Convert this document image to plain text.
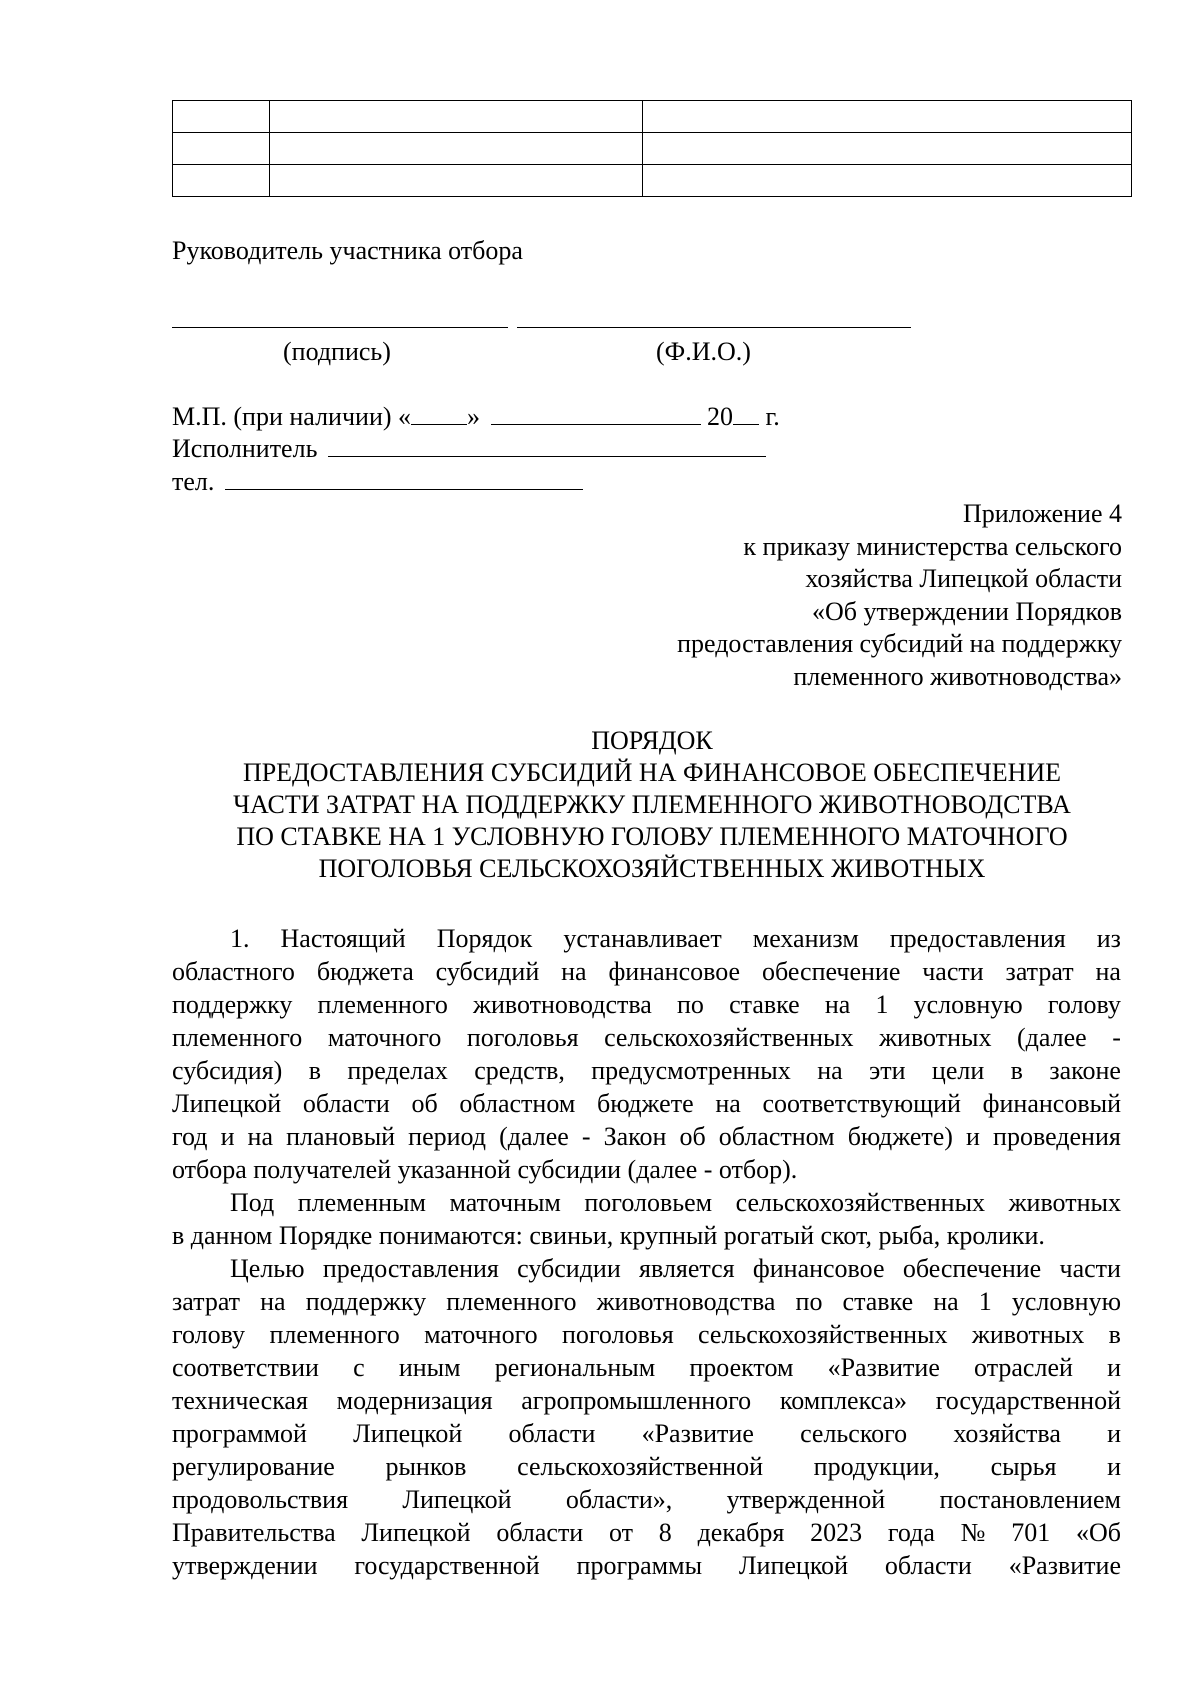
Руководитель участника отбора
(подпись)	(Ф.И.О.)
М.П. (при наличии) « »	20 г.
Исполнитель
тел.
Приложение 4
к приказу министерства сельского
хозяйства Липецкой области
«Об утверждении Порядков
предоставления субсидий на поддержку
племенного животноводства»
ПОРЯДОК
ПРЕДОСТАВЛЕНИЯ СУБСИДИЙ НА ФИНАНСОВОЕ ОБЕСПЕЧЕНИЕ
ЧАСТИ ЗАТРАТ НА ПОДДЕРЖКУ ПЛЕМЕННОГО ЖИВОТНОВОДСТВА
ПО СТАВКЕ НА 1 УСЛОВНУЮ ГОЛОВУ ПЛЕМЕННОГО МАТОЧНОГО
ПОГОЛОВЬЯ СЕЛЬСКОХОЗЯЙСТВЕННЫХ ЖИВОТНЫХ
1. Настоящий Порядок устанавливает механизм предоставления из
областного бюджета субсидий на финансовое обеспечение части затрат на
поддержку племенного животноводства по ставке на 1 условную голову
племенного маточного поголовья сельскохозяйственных животных (далее -
субсидия) в пределах средств, предусмотренных на эти цели в законе
Липецкой области об областном бюджете на соответствующий финансовый
год и на плановый период (далее - Закон об областном бюджете) и проведения
отбора получателей указанной субсидии (далее - отбор).
Под племенным маточным поголовьем сельскохозяйственных животных
в данном Порядке понимаются: свиньи, крупный рогатый скот, рыба, кролики.
Целью предоставления субсидии является финансовое обеспечение части
затрат на поддержку племенного животноводства по ставке на 1 условную
голову племенного маточного поголовья сельскохозяйственных животных в
соответствии с иным региональным проектом «Развитие отраслей и
техническая модернизация агропромышленного комплекса» государственной
программой Липецкой области «Развитие сельского хозяйства и
регулирование рынков сельскохозяйственной продукции, сырья и
продовольствия Липецкой области», утвержденной постановлением
Правительства Липецкой области от 8 декабря 2023 года № 701 «Об
утверждении государственной программы Липецкой области «Развитие
